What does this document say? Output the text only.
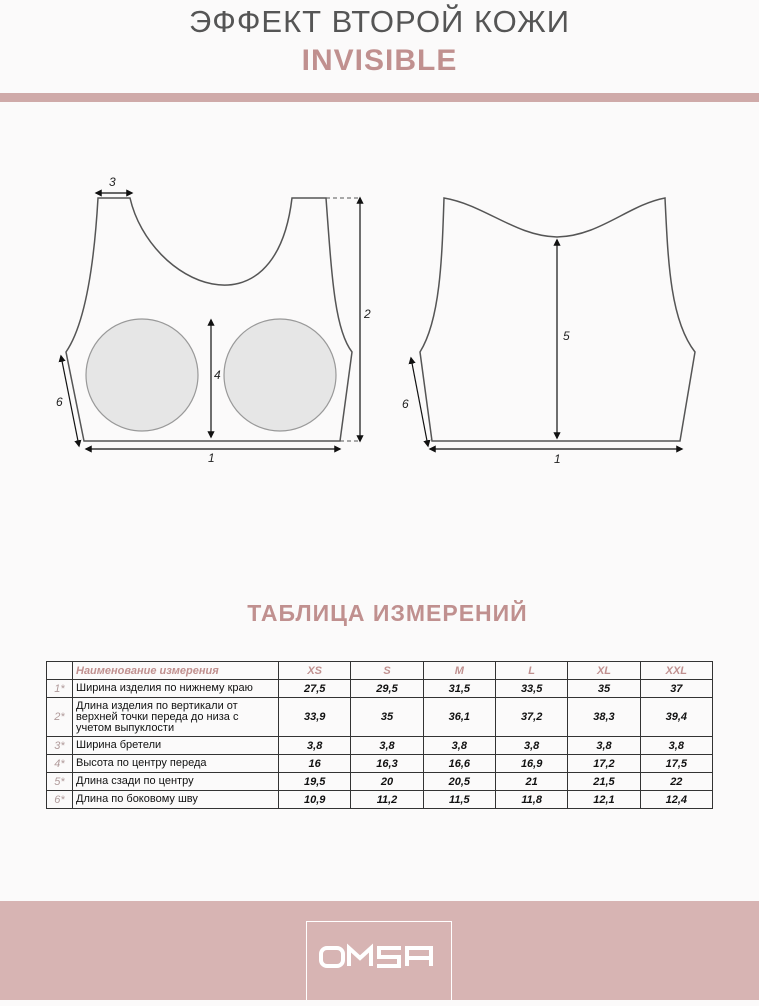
ЭФФЕКТ ВТОРОЙ КОЖИ
INVISIBLE
3
2
4
6
1
5
6
1
ТАБЛИЦА ИЗМЕРЕНИЙ
	Наименование измерения	XS	S	M	L	XL	XXL
1*	Ширина изделия по нижнему краю	27,5	29,5	31,5	33,5	35	37
2*	Длина изделия по вертикали от верхней точки переда до низа с учетом выпуклости	33,9	35	36,1	37,2	38,3	39,4
3*	Ширина бретели	3,8	3,8	3,8	3,8	3,8	3,8
4*	Высота по центру переда	16	16,3	16,6	16,9	17,2	17,5
5*	Длина сзади по центру	19,5	20	20,5	21	21,5	22
6*	Длина по боковому шву	10,9	11,2	11,5	11,8	12,1	12,4
